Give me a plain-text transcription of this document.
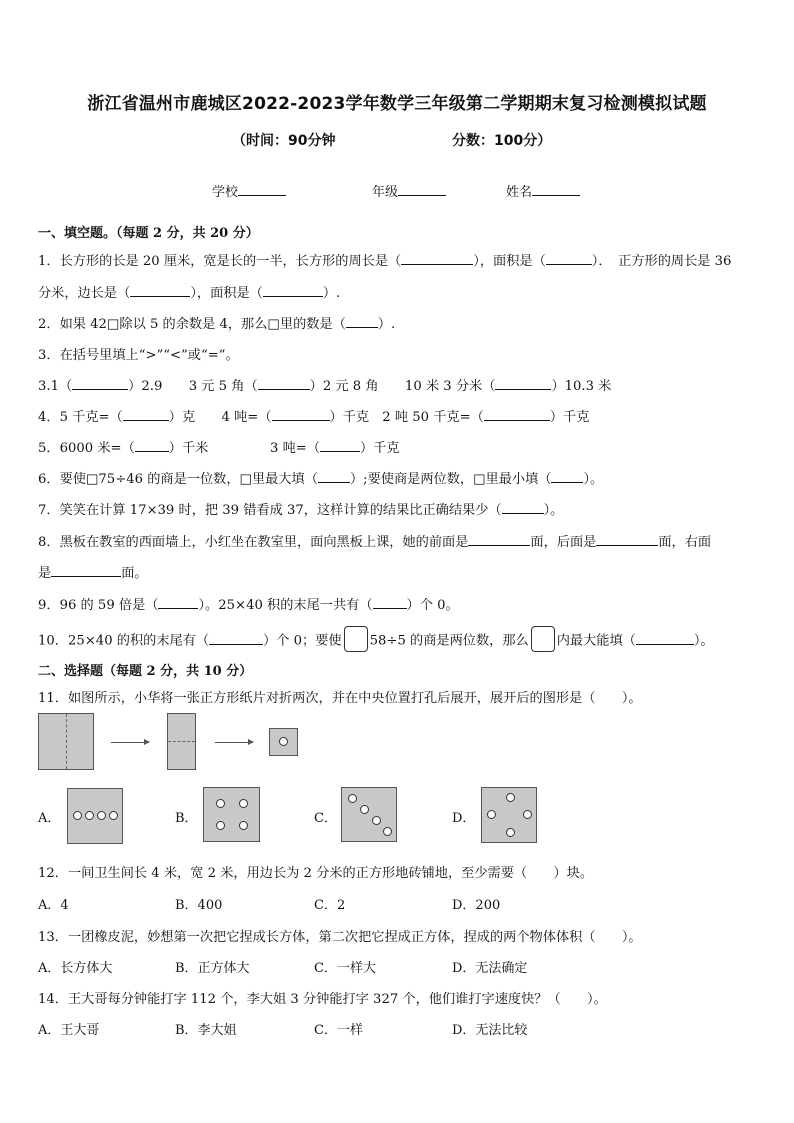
浙江省温州市鹿城区2022-2023学年数学三年级第二学期期末复习检测模拟试题
（时间：90分钟	分数：100分）
学校	年级	姓名
一、填空题。（每题 2 分，共 20 分）
1．长方形的长是 20 厘米，宽是长的一半，长方形的周长是（	），面积是（	）．　正方形的周长是 36
分米，边长是（	），面积是（	）.
2．如果 42□除以 5 的余数是 4，那么□里的数是（ ）.
3．在括号里填上“>”“<”或“=”。
3.1（	）2.9　　3 元 5 角（	）2 元 8 角　　10 米 3 分米（	）10.3 米
4．5 千克=（	）克　　4 吨=（	）千克　2 吨 50 千克=（	）千克
5．6000 米=（	）千米	3 吨=（	）千克
6．要使□75÷46 的商是一位数，□里最大填（ ）;要使商是两位数，□里最小填（ ）。
7．笑笑在计算 17×39 时，把 39 错看成 37，这样计算的结果比正确结果少（	）。
8．黑板在教室的西面墙上，小红坐在教室里，面向黑板上课，她的前面是	面，后面是	面，右面
是	面。
9．96 的 59 倍是（	）。25×40 积的末尾一共有（	）个 0。
10．25×40 的积的末尾有（	）个 0；要使 58÷5 的商是两位数，那么 内最大能填（	）。
二、选择题（每题 2 分，共 10 分）
11．如图所示，小华将一张正方形纸片对折两次，并在中央位置打孔后展开，展开后的图形是（　　）。
A．	B．	C．	D．
12．一间卫生间长 4 米，宽 2 米，用边长为 2 分米的正方形地砖铺地，至少需要（　　）块。
A．4	B．400	C．2	D．200
13．一团橡皮泥，妙想第一次把它捏成长方体，第二次把它捏成正方体，捏成的两个物体体积（　　）。
A．长方体大	B．正方体大	C．一样大	D．无法确定
14．王大哥每分钟能打字 112 个，李大姐 3 分钟能打字 327 个，他们谁打字速度快？（　　）。
A．王大哥	B．李大姐	C．一样	D．无法比较
